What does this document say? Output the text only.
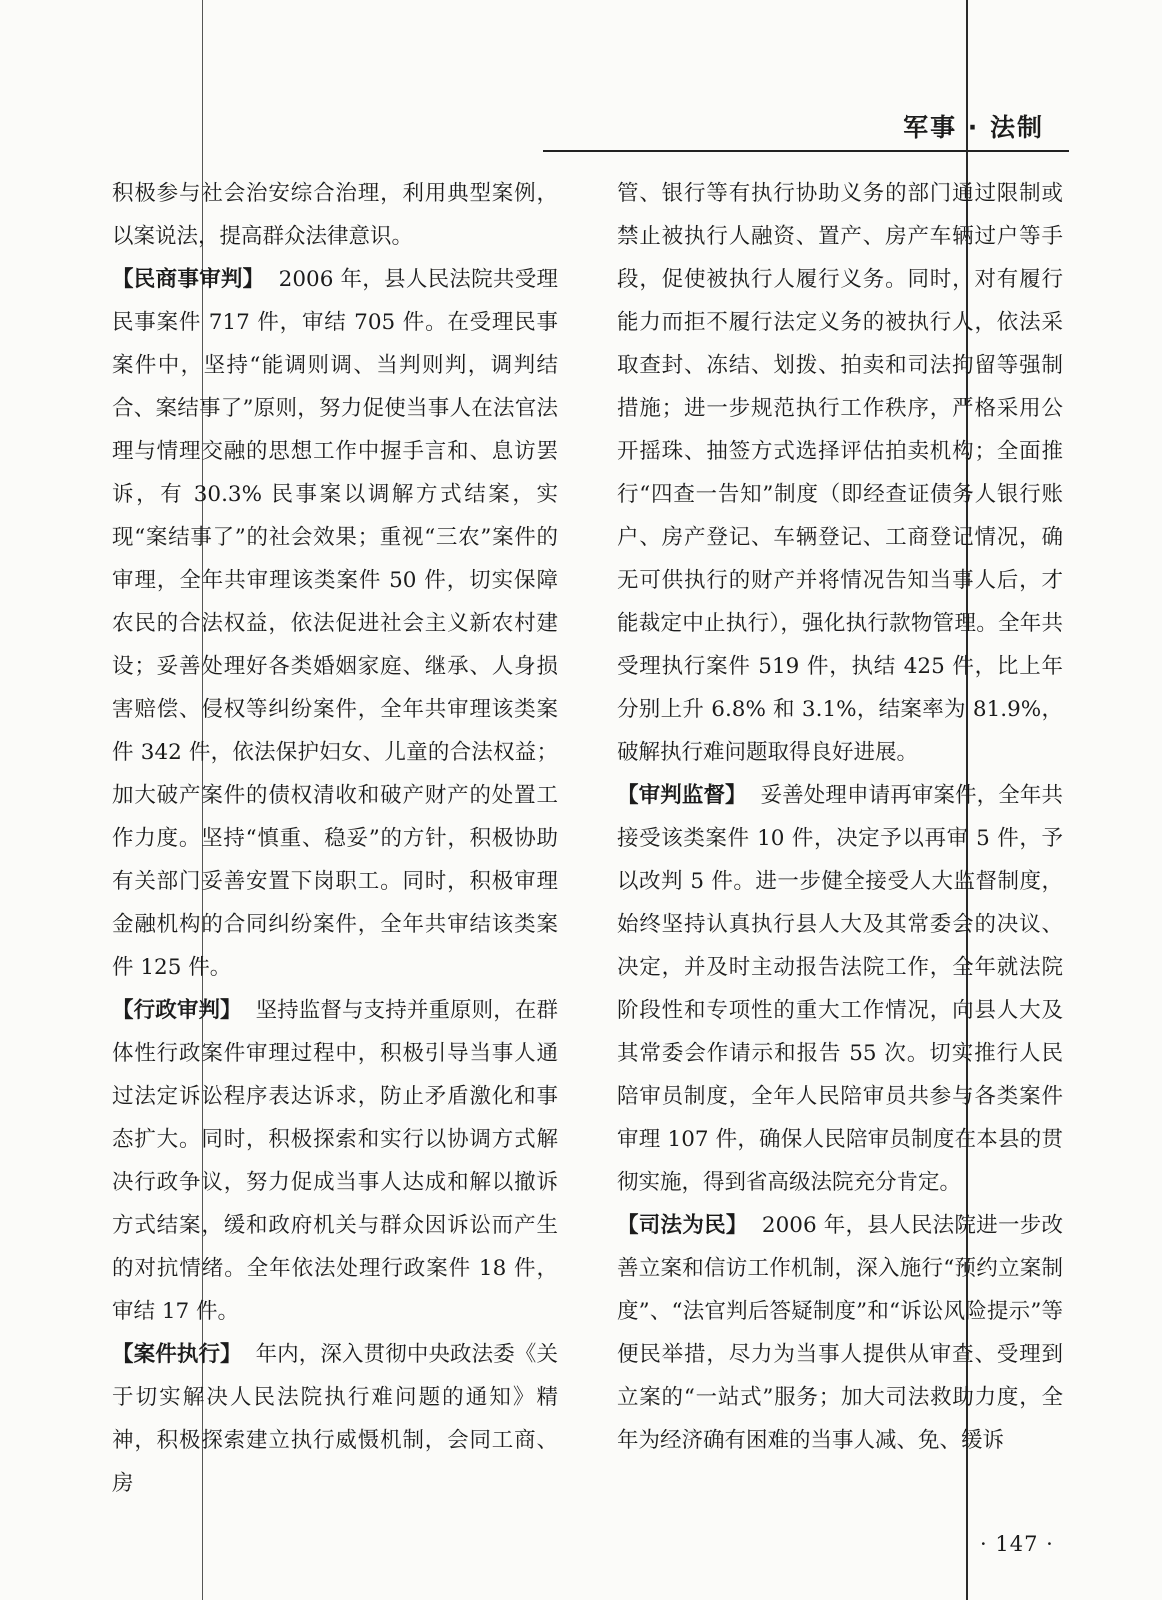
军事 · 法制

积极参与社会治安综合治理，利用典型案例，以案说法，提高群众法律意识。

【民商事审判】 2006 年，县人民法院共受理民事案件 717 件，审结 705 件。在受理民事案件中，坚持“能调则调、当判则判，调判结合、案结事了”原则，努力促使当事人在法官法理与情理交融的思想工作中握手言和、息访罢诉，有 30.3% 民事案以调解方式结案，实现“案结事了”的社会效果；重视“三农”案件的审理，全年共审理该类案件 50 件，切实保障农民的合法权益，依法促进社会主义新农村建设；妥善处理好各类婚姻家庭、继承、人身损害赔偿、侵权等纠纷案件，全年共审理该类案件 342 件，依法保护妇女、儿童的合法权益；加大破产案件的债权清收和破产财产的处置工作力度。坚持“慎重、稳妥”的方针，积极协助有关部门妥善安置下岗职工。同时，积极审理金融机构的合同纠纷案件，全年共审结该类案件 125 件。

【行政审判】 坚持监督与支持并重原则，在群体性行政案件审理过程中，积极引导当事人通过法定诉讼程序表达诉求，防止矛盾激化和事态扩大。同时，积极探索和实行以协调方式解决行政争议，努力促成当事人达成和解以撤诉方式结案，缓和政府机关与群众因诉讼而产生的对抗情绪。全年依法处理行政案件 18 件，审结 17 件。

【案件执行】 年内，深入贯彻中央政法委《关于切实解决人民法院执行难问题的通知》精神，积极探索建立执行威慑机制，会同工商、房

管、银行等有执行协助义务的部门通过限制或禁止被执行人融资、置产、房产车辆过户等手段，促使被执行人履行义务。同时，对有履行能力而拒不履行法定义务的被执行人，依法采取查封、冻结、划拨、拍卖和司法拘留等强制措施；进一步规范执行工作秩序，严格采用公开摇珠、抽签方式选择评估拍卖机构；全面推行“四查一告知”制度（即经查证债务人银行账户、房产登记、车辆登记、工商登记情况，确无可供执行的财产并将情况告知当事人后，才能裁定中止执行），强化执行款物管理。全年共受理执行案件 519 件，执结 425 件，比上年分别上升 6.8% 和 3.1%，结案率为 81.9%，破解执行难问题取得良好进展。

【审判监督】 妥善处理申请再审案件，全年共接受该类案件 10 件，决定予以再审 5 件，予以改判 5 件。进一步健全接受人大监督制度，始终坚持认真执行县人大及其常委会的决议、决定，并及时主动报告法院工作，全年就法院阶段性和专项性的重大工作情况，向县人大及其常委会作请示和报告 55 次。切实推行人民陪审员制度，全年人民陪审员共参与各类案件审理 107 件，确保人民陪审员制度在本县的贯彻实施，得到省高级法院充分肯定。

【司法为民】 2006 年，县人民法院进一步改善立案和信访工作机制，深入施行“预约立案制度”、“法官判后答疑制度”和“诉讼风险提示”等便民举措，尽力为当事人提供从审查、受理到立案的“一站式”服务；加大司法救助力度，全年为经济确有困难的当事人减、免、缓诉

· 147 ·
